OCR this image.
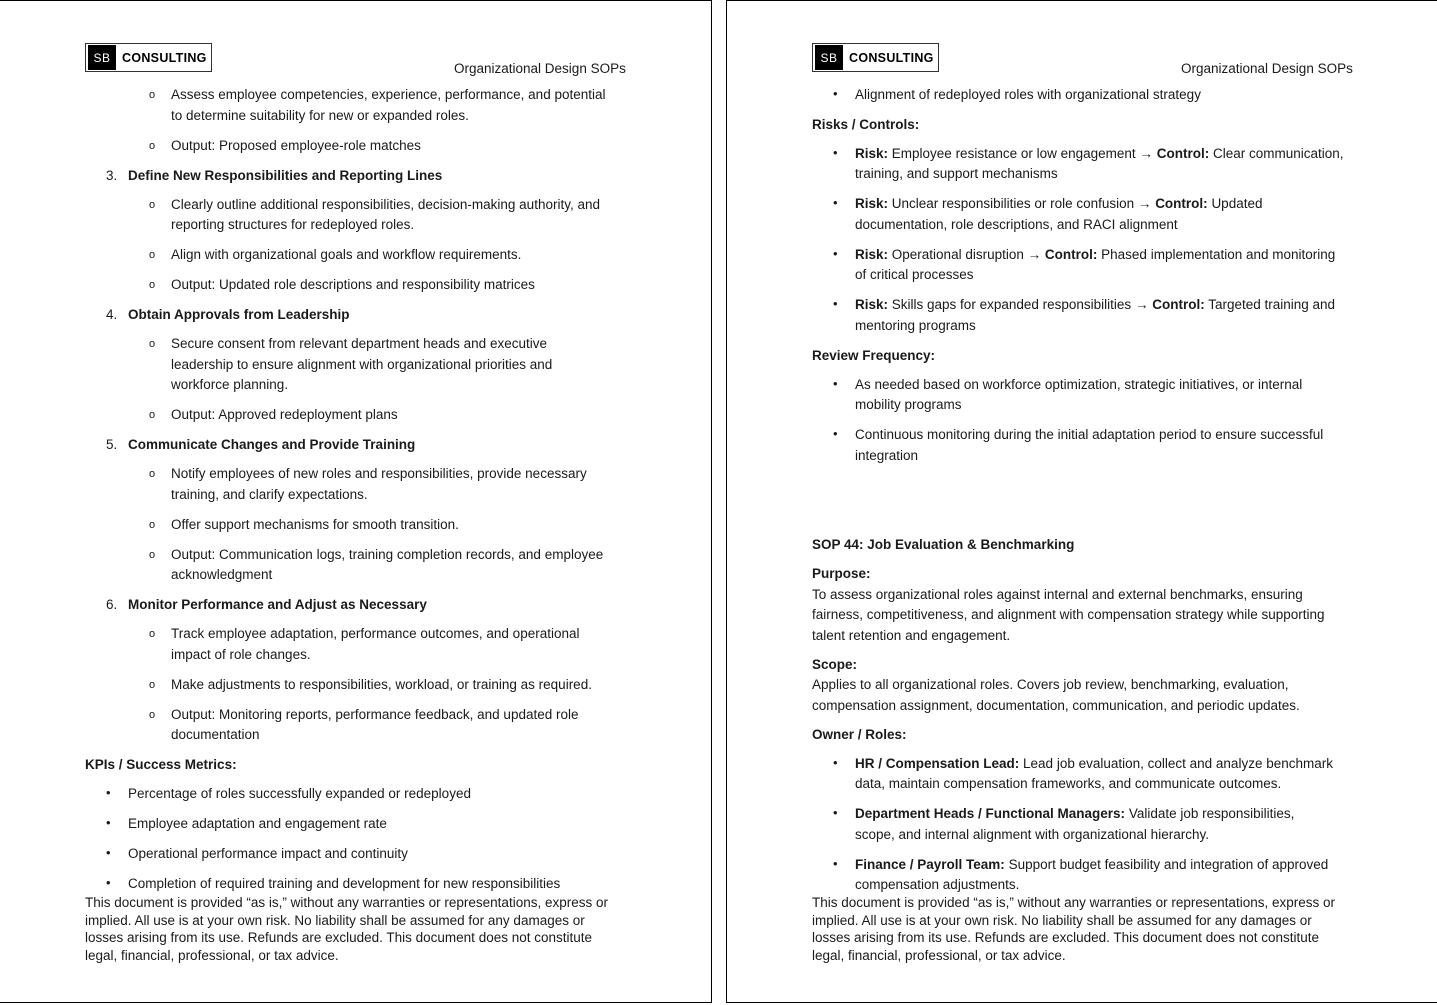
SB CONSULTING
Organizational Design SOPs
o Assess employee competencies, experience, performance, and potential
to determine suitability for new or expanded roles.
o Output: Proposed employee-role matches
3. Define New Responsibilities and Reporting Lines
o Clearly outline additional responsibilities, decision-making authority, and
reporting structures for redeployed roles.
o Align with organizational goals and workflow requirements.
o Output: Updated role descriptions and responsibility matrices
4. Obtain Approvals from Leadership
o Secure consent from relevant department heads and executive
leadership to ensure alignment with organizational priorities and
workforce planning.
o Output: Approved redeployment plans
5. Communicate Changes and Provide Training
o Notify employees of new roles and responsibilities, provide necessary
training, and clarify expectations.
o Offer support mechanisms for smooth transition.
o Output: Communication logs, training completion records, and employee
acknowledgment
6. Monitor Performance and Adjust as Necessary
o Track employee adaptation, performance outcomes, and operational
impact of role changes.
o Make adjustments to responsibilities, workload, or training as required.
o Output: Monitoring reports, performance feedback, and updated role
documentation
KPIs / Success Metrics:
• Percentage of roles successfully expanded or redeployed
• Employee adaptation and engagement rate
• Operational performance impact and continuity
• Completion of required training and development for new responsibilities
This document is provided “as is,” without any warranties or representations, express or
implied. All use is at your own risk. No liability shall be assumed for any damages or
losses arising from its use. Refunds are excluded. This document does not constitute
legal, financial, professional, or tax advice.
SB CONSULTING
Organizational Design SOPs
• Alignment of redeployed roles with organizational strategy
Risks / Controls:
• Risk: Employee resistance or low engagement → Control: Clear communication,
training, and support mechanisms
• Risk: Unclear responsibilities or role confusion → Control: Updated
documentation, role descriptions, and RACI alignment
• Risk: Operational disruption → Control: Phased implementation and monitoring
of critical processes
• Risk: Skills gaps for expanded responsibilities → Control: Targeted training and
mentoring programs
Review Frequency:
• As needed based on workforce optimization, strategic initiatives, or internal
mobility programs
• Continuous monitoring during the initial adaptation period to ensure successful
integration
SOP 44: Job Evaluation & Benchmarking
Purpose:
To assess organizational roles against internal and external benchmarks, ensuring
fairness, competitiveness, and alignment with compensation strategy while supporting
talent retention and engagement.
Scope:
Applies to all organizational roles. Covers job review, benchmarking, evaluation,
compensation assignment, documentation, communication, and periodic updates.
Owner / Roles:
• HR / Compensation Lead: Lead job evaluation, collect and analyze benchmark
data, maintain compensation frameworks, and communicate outcomes.
• Department Heads / Functional Managers: Validate job responsibilities,
scope, and internal alignment with organizational hierarchy.
• Finance / Payroll Team: Support budget feasibility and integration of approved
compensation adjustments.
This document is provided “as is,” without any warranties or representations, express or
implied. All use is at your own risk. No liability shall be assumed for any damages or
losses arising from its use. Refunds are excluded. This document does not constitute
legal, financial, professional, or tax advice.
